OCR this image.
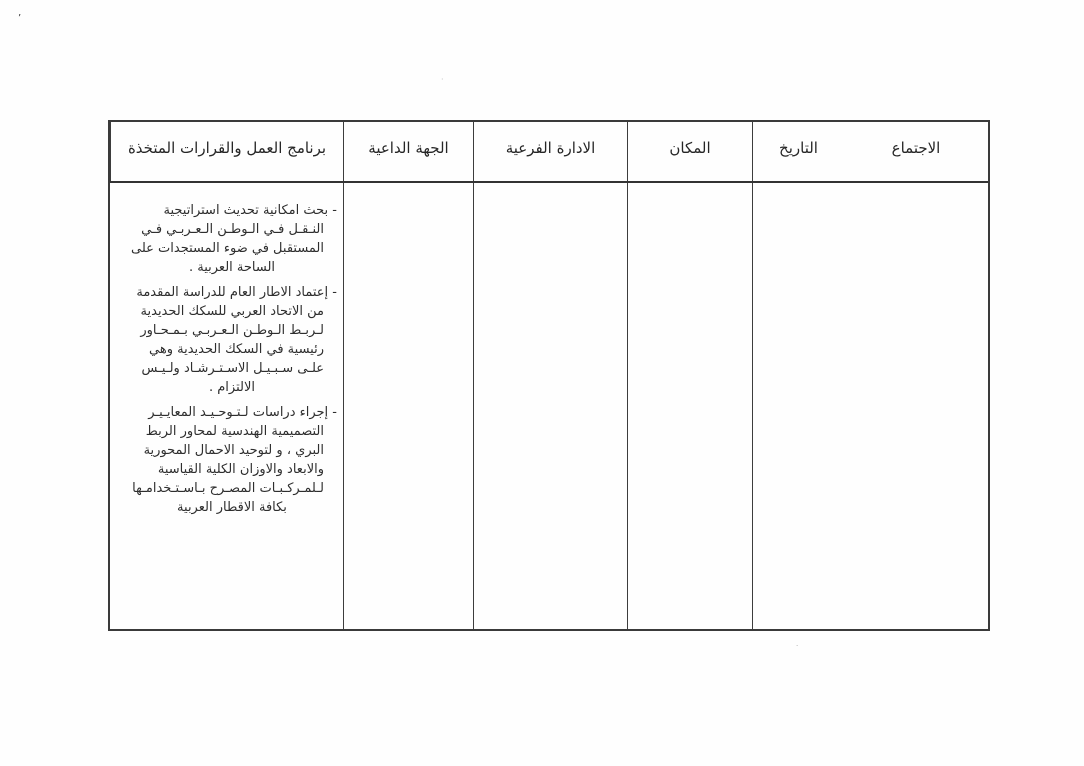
’
·
·
الاجتماع
التاريخ
المكان
الادارة الفرعية
الجهة الداعية
برنامج العمل والقرارات المتخذة
- بحث امكانية تحديث استراتيجية
النـقـل فـي الـوطـن الـعـربـي فـي
المستقبل في ضوء المستجدات على
الساحة العربية .
- إعتماد الاطار العام للدراسة المقدمة
من الاتحاد العربي للسكك الحديدية
لـربـط الـوطـن الـعـربـي بـمـحـاور
رئيسية في السكك الحديدية وهي
علـى سـبـيـل الاسـتـرشـاد ولـيـس
الالتزام .
- إجراء دراسات لـتـوحـيـد المعايـيـر
التصميمية الهندسية لمحاور الربط
البري ، و لتوحيد الاحمال المحورية
والابعاد والاوزان الكلية القياسية
لـلمـركـبـات المصـرح بـاسـتـخدامـها
بكافة الاقطار العربية
